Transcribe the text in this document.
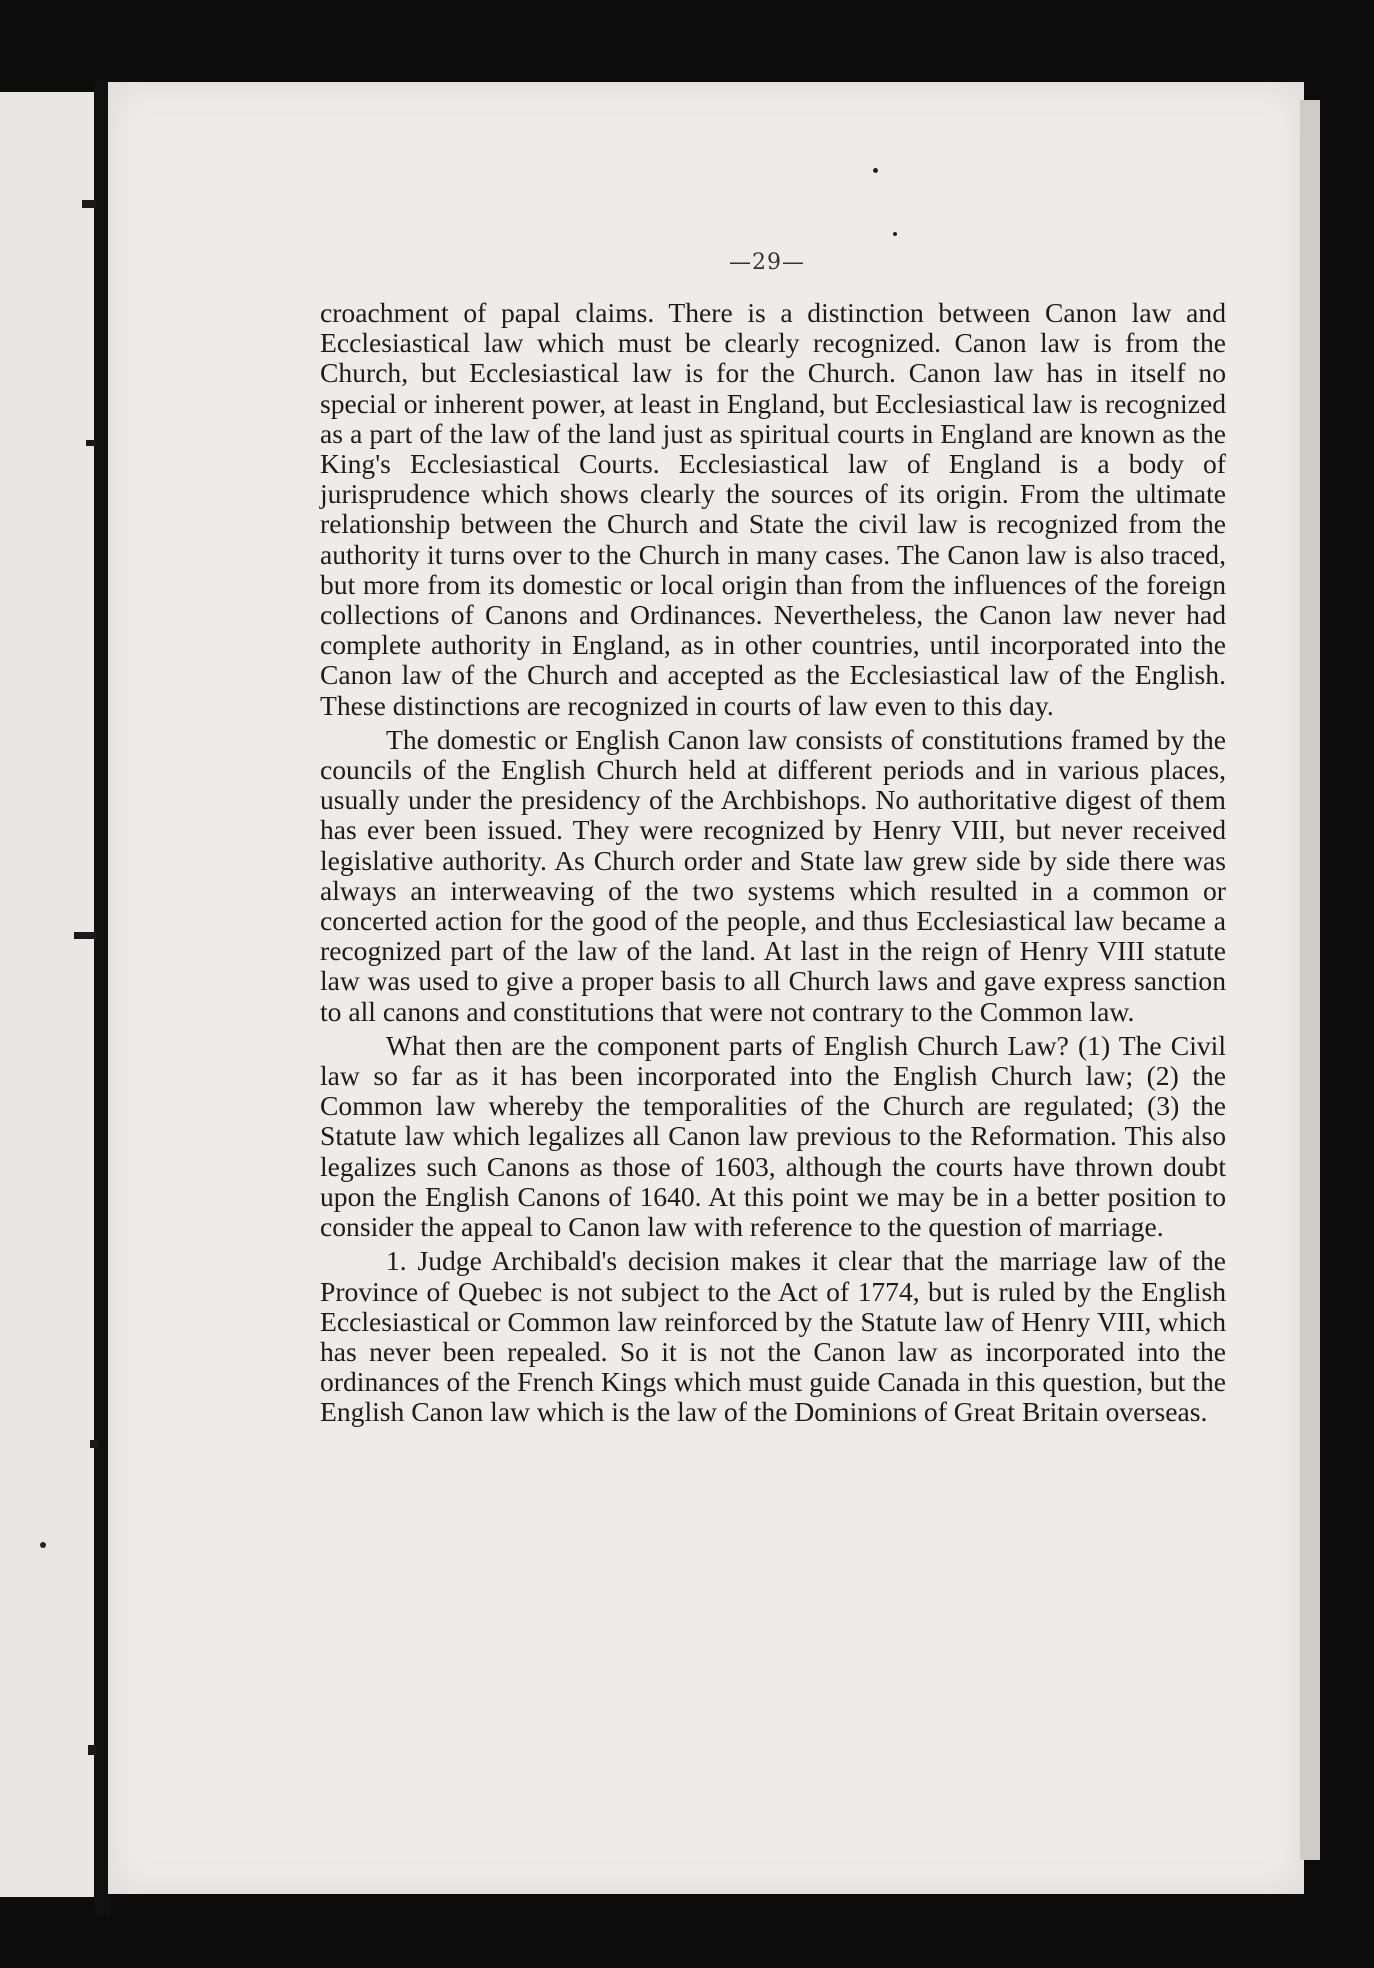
—29—

croachment of papal claims. There is a distinction between Canon law and Ecclesiastical law which must be clearly recognized. Canon law is from the Church, but Ecclesiastical law is for the Church. Canon law has in itself no special or inherent power, at least in England, but Ecclesiastical law is recognized as a part of the law of the land just as spiritual courts in England are known as the King's Ecclesiastical Courts. Ecclesiastical law of England is a body of jurisprudence which shows clearly the sources of its origin. From the ultimate relationship between the Church and State the civil law is recognized from the authority it turns over to the Church in many cases. The Canon law is also traced, but more from its domestic or local origin than from the influences of the foreign collections of Canons and Ordinances. Nevertheless, the Canon law never had complete authority in England, as in other countries, until incorporated into the Canon law of the Church and accepted as the Ecclesiastical law of the English. These distinctions are recognized in courts of law even to this day.

The domestic or English Canon law consists of constitutions framed by the councils of the English Church held at different periods and in various places, usually under the presidency of the Archbishops. No authoritative digest of them has ever been issued. They were recognized by Henry VIII, but never received legislative authority. As Church order and State law grew side by side there was always an interweaving of the two systems which resulted in a common or concerted action for the good of the people, and thus Ecclesiastical law became a recognized part of the law of the land. At last in the reign of Henry VIII statute law was used to give a proper basis to all Church laws and gave express sanction to all canons and constitutions that were not contrary to the Common law.

What then are the component parts of English Church Law? (1) The Civil law so far as it has been incorporated into the English Church law; (2) the Common law whereby the temporalities of the Church are regulated; (3) the Statute law which legalizes all Canon law previous to the Reformation. This also legalizes such Canons as those of 1603, although the courts have thrown doubt upon the English Canons of 1640. At this point we may be in a better position to consider the appeal to Canon law with reference to the question of marriage.

1. Judge Archibald's decision makes it clear that the marriage law of the Province of Quebec is not subject to the Act of 1774, but is ruled by the English Ecclesiastical or Common law reinforced by the Statute law of Henry VIII, which has never been repealed. So it is not the Canon law as incorporated into the ordinances of the French Kings which must guide Canada in this question, but the English Canon law which is the law of the Dominions of Great Britain overseas.
